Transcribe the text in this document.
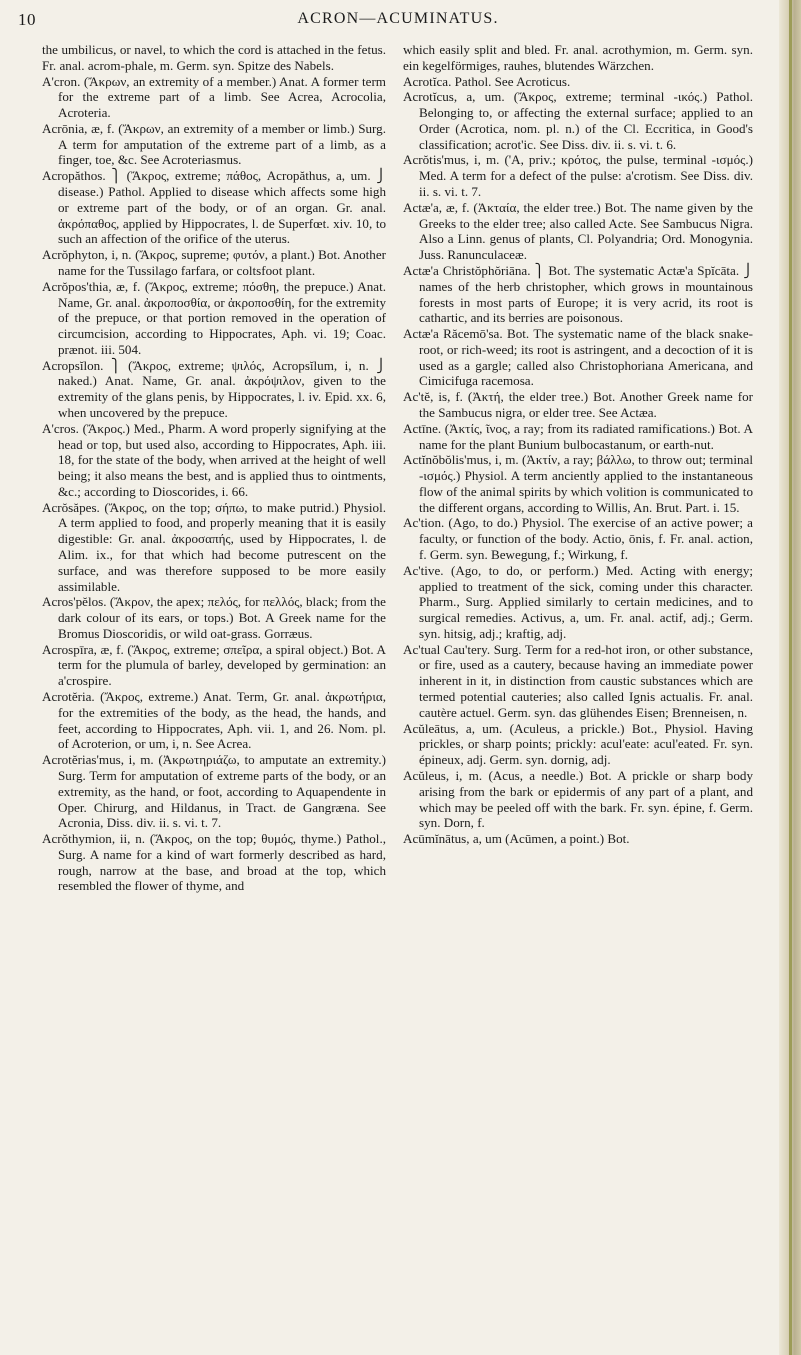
10	ACRON—ACUMINATUS.

the umbilicus, or navel, to which the cord is attached in the fetus. Fr. anal. acrom-phale, m. Germ. syn. Spitze des Nabels.

A'cron. (Ἄκρων, an extremity of a member.) Anat. A former term for the extreme part of a limb. See Acrea, Acrocolia, Acroteria.

Acrōnia, æ, f. (Ἄκρων, an extremity of a member or limb.) Surg. A term for amputation of the extreme part of a limb, as a finger, toe, &c. See Acroteriasmus.

Acropăthos. ⎫ (Ἄκρος, extreme; πάθος, Acropăthus, a, um. ⎭ disease.) Pathol. Applied to disease which affects some high or extreme part of the body, or of an organ. Gr. anal. ἀκρόπαθος, applied by Hippocrates, l. de Superfœt. xiv. 10, to such an affection of the orifice of the uterus.

Acrŏphyton, i, n. (Ἄκρος, supreme; φυτόν, a plant.) Bot. Another name for the Tussilago farfara, or coltsfoot plant.

Acrŏpos'thia, æ, f. (Ἄκρος, extreme; πόσθη, the prepuce.) Anat. Name, Gr. anal. ἀκροποσθία, or ἀκροποσθίη, for the extremity of the prepuce, or that portion removed in the operation of circumcision, according to Hippocrates, Aph. vi. 19; Coac. prænot. iii. 504.

Acropsĭlon. ⎫ (Ἄκρος, extreme; ψιλός, Acropsĭlum, i, n. ⎭ naked.) Anat. Name, Gr. anal. ἀκρόψιλον, given to the extremity of the glans penis, by Hippocrates, l. iv. Epid. xx. 6, when uncovered by the prepuce.

A'cros. (Ἄκρος.) Med., Pharm. A word properly signifying at the head or top, but used also, according to Hippocrates, Aph. iii. 18, for the state of the body, when arrived at the height of well being; it also means the best, and is applied thus to ointments, &c.; according to Dioscorides, i. 66.

Acrŏsăpes. (Ἄκρος, on the top; σήπω, to make putrid.) Physiol. A term applied to food, and properly meaning that it is easily digestible: Gr. anal. ἀκροσαπής, used by Hippocrates, l. de Alim. ix., for that which had become putrescent on the surface, and was therefore supposed to be more easily assimilable.

Acros'pĕlos. (Ἄκρον, the apex; πελός, for πελλός, black; from the dark colour of its ears, or tops.) Bot. A Greek name for the Bromus Dioscoridis, or wild oat-grass. Gorræus.

Acrospīra, æ, f. (Ἄκρος, extreme; σπεῖρα, a spiral object.) Bot. A term for the plumula of barley, developed by germination: an a'crospire.

Acrotĕria. (Ἄκρος, extreme.) Anat. Term, Gr. anal. ἀκρωτήρια, for the extremities of the body, as the head, the hands, and feet, according to Hippocrates, Aph. vii. 1, and 26. Nom. pl. of Acroterion, or um, i, n. See Acrea.

Acrotĕrias'mus, i, m. (Ἀκρωτηριάζω, to amputate an extremity.) Surg. Term for amputation of extreme parts of the body, or an extremity, as the hand, or foot, according to Aquapendente in Oper. Chirurg, and Hildanus, in Tract. de Gangræna. See Acronia, Diss. div. ii. s. vi. t. 7.

Acrŏthymion, ii, n. (Ἄκρος, on the top; θυμός, thyme.) Pathol., Surg. A name for a kind of wart formerly described as hard, rough, narrow at the base, and broad at the top, which resembled the flower of thyme, and

which easily split and bled. Fr. anal. acrothymion, m. Germ. syn. ein kegelförmiges, rauhes, blutendes Wärzchen.

Acrotĭca. Pathol. See Acroticus.

Acrotĭcus, a, um. (Ἄκρος, extreme; terminal -ικός.) Pathol. Belonging to, or affecting the external surface; applied to an Order (Acrotica, nom. pl. n.) of the Cl. Eccritica, in Good's classification; acrot'ic. See Diss. div. ii. s. vi. t. 6.

Acrŏtis'mus, i, m. ('A, priv.; κρότος, the pulse, terminal -ισμός.) Med. A term for a defect of the pulse: a'crotism. See Diss. div. ii. s. vi. t. 7.

Actæ'a, æ, f. (Ἀκταία, the elder tree.) Bot. The name given by the Greeks to the elder tree; also called Acte. See Sambucus Nigra. Also a Linn. genus of plants, Cl. Polyandria; Ord. Monogynia. Juss. Ranunculaceæ.

Actæ'a Christŏphŏriāna. ⎫ Bot. The systematic Actæ'a Spĭcāta. ⎭ names of the herb christopher, which grows in mountainous forests in most parts of Europe; it is very acrid, its root is cathartic, and its berries are poisonous.

Actæ'a Răcemō'sa. Bot. The systematic name of the black snake-root, or rich-weed; its root is astringent, and a decoction of it is used as a gargle; called also Christophoriana Americana, and Cimicifuga racemosa.

Ac'tĕ, is, f. (Ἀκτή, the elder tree.) Bot. Another Greek name for the Sambucus nigra, or elder tree. See Actæa.

Actīne. (Ἀκτίς, ῖνος, a ray; from its radiated ramifications.) Bot. A name for the plant Bunium bulbocastanum, or earth-nut.

Actĭnŏbŏlis'mus, i, m. (Ἀκτίν, a ray; βάλλω, to throw out; terminal -ισμός.) Physiol. A term anciently applied to the instantaneous flow of the animal spirits by which volition is communicated to the different organs, according to Willis, An. Brut. Part. i. 15.

Ac'tion. (Ago, to do.) Physiol. The exercise of an active power; a faculty, or function of the body. Actio, ōnis, f. Fr. anal. action, f. Germ. syn. Bewegung, f.; Wirkung, f.

Ac'tive. (Ago, to do, or perform.) Med. Acting with energy; applied to treatment of the sick, coming under this character. Pharm., Surg. Applied similarly to certain medicines, and to surgical remedies. Activus, a, um. Fr. anal. actif, adj.; Germ. syn. hitsig, adj.; kraftig, adj.

Ac'tual Cau'tery. Surg. Term for a red-hot iron, or other substance, or fire, used as a cautery, because having an immediate power inherent in it, in distinction from caustic substances which are termed potential cauteries; also called Ignis actualis. Fr. anal. cautère actuel. Germ. syn. das glühendes Eisen; Brenneisen, n.

Acŭleātus, a, um. (Aculeus, a prickle.) Bot., Physiol. Having prickles, or sharp points; prickly: acul'eate: acul'eated. Fr. syn. épineux, adj. Germ. syn. dornig, adj.

Acŭleus, i, m. (Acus, a needle.) Bot. A prickle or sharp body arising from the bark or epidermis of any part of a plant, and which may be peeled off with the bark. Fr. syn. épine, f. Germ. syn. Dorn, f.

Acūmĭnātus, a, um (Acūmen, a point.) Bot.
